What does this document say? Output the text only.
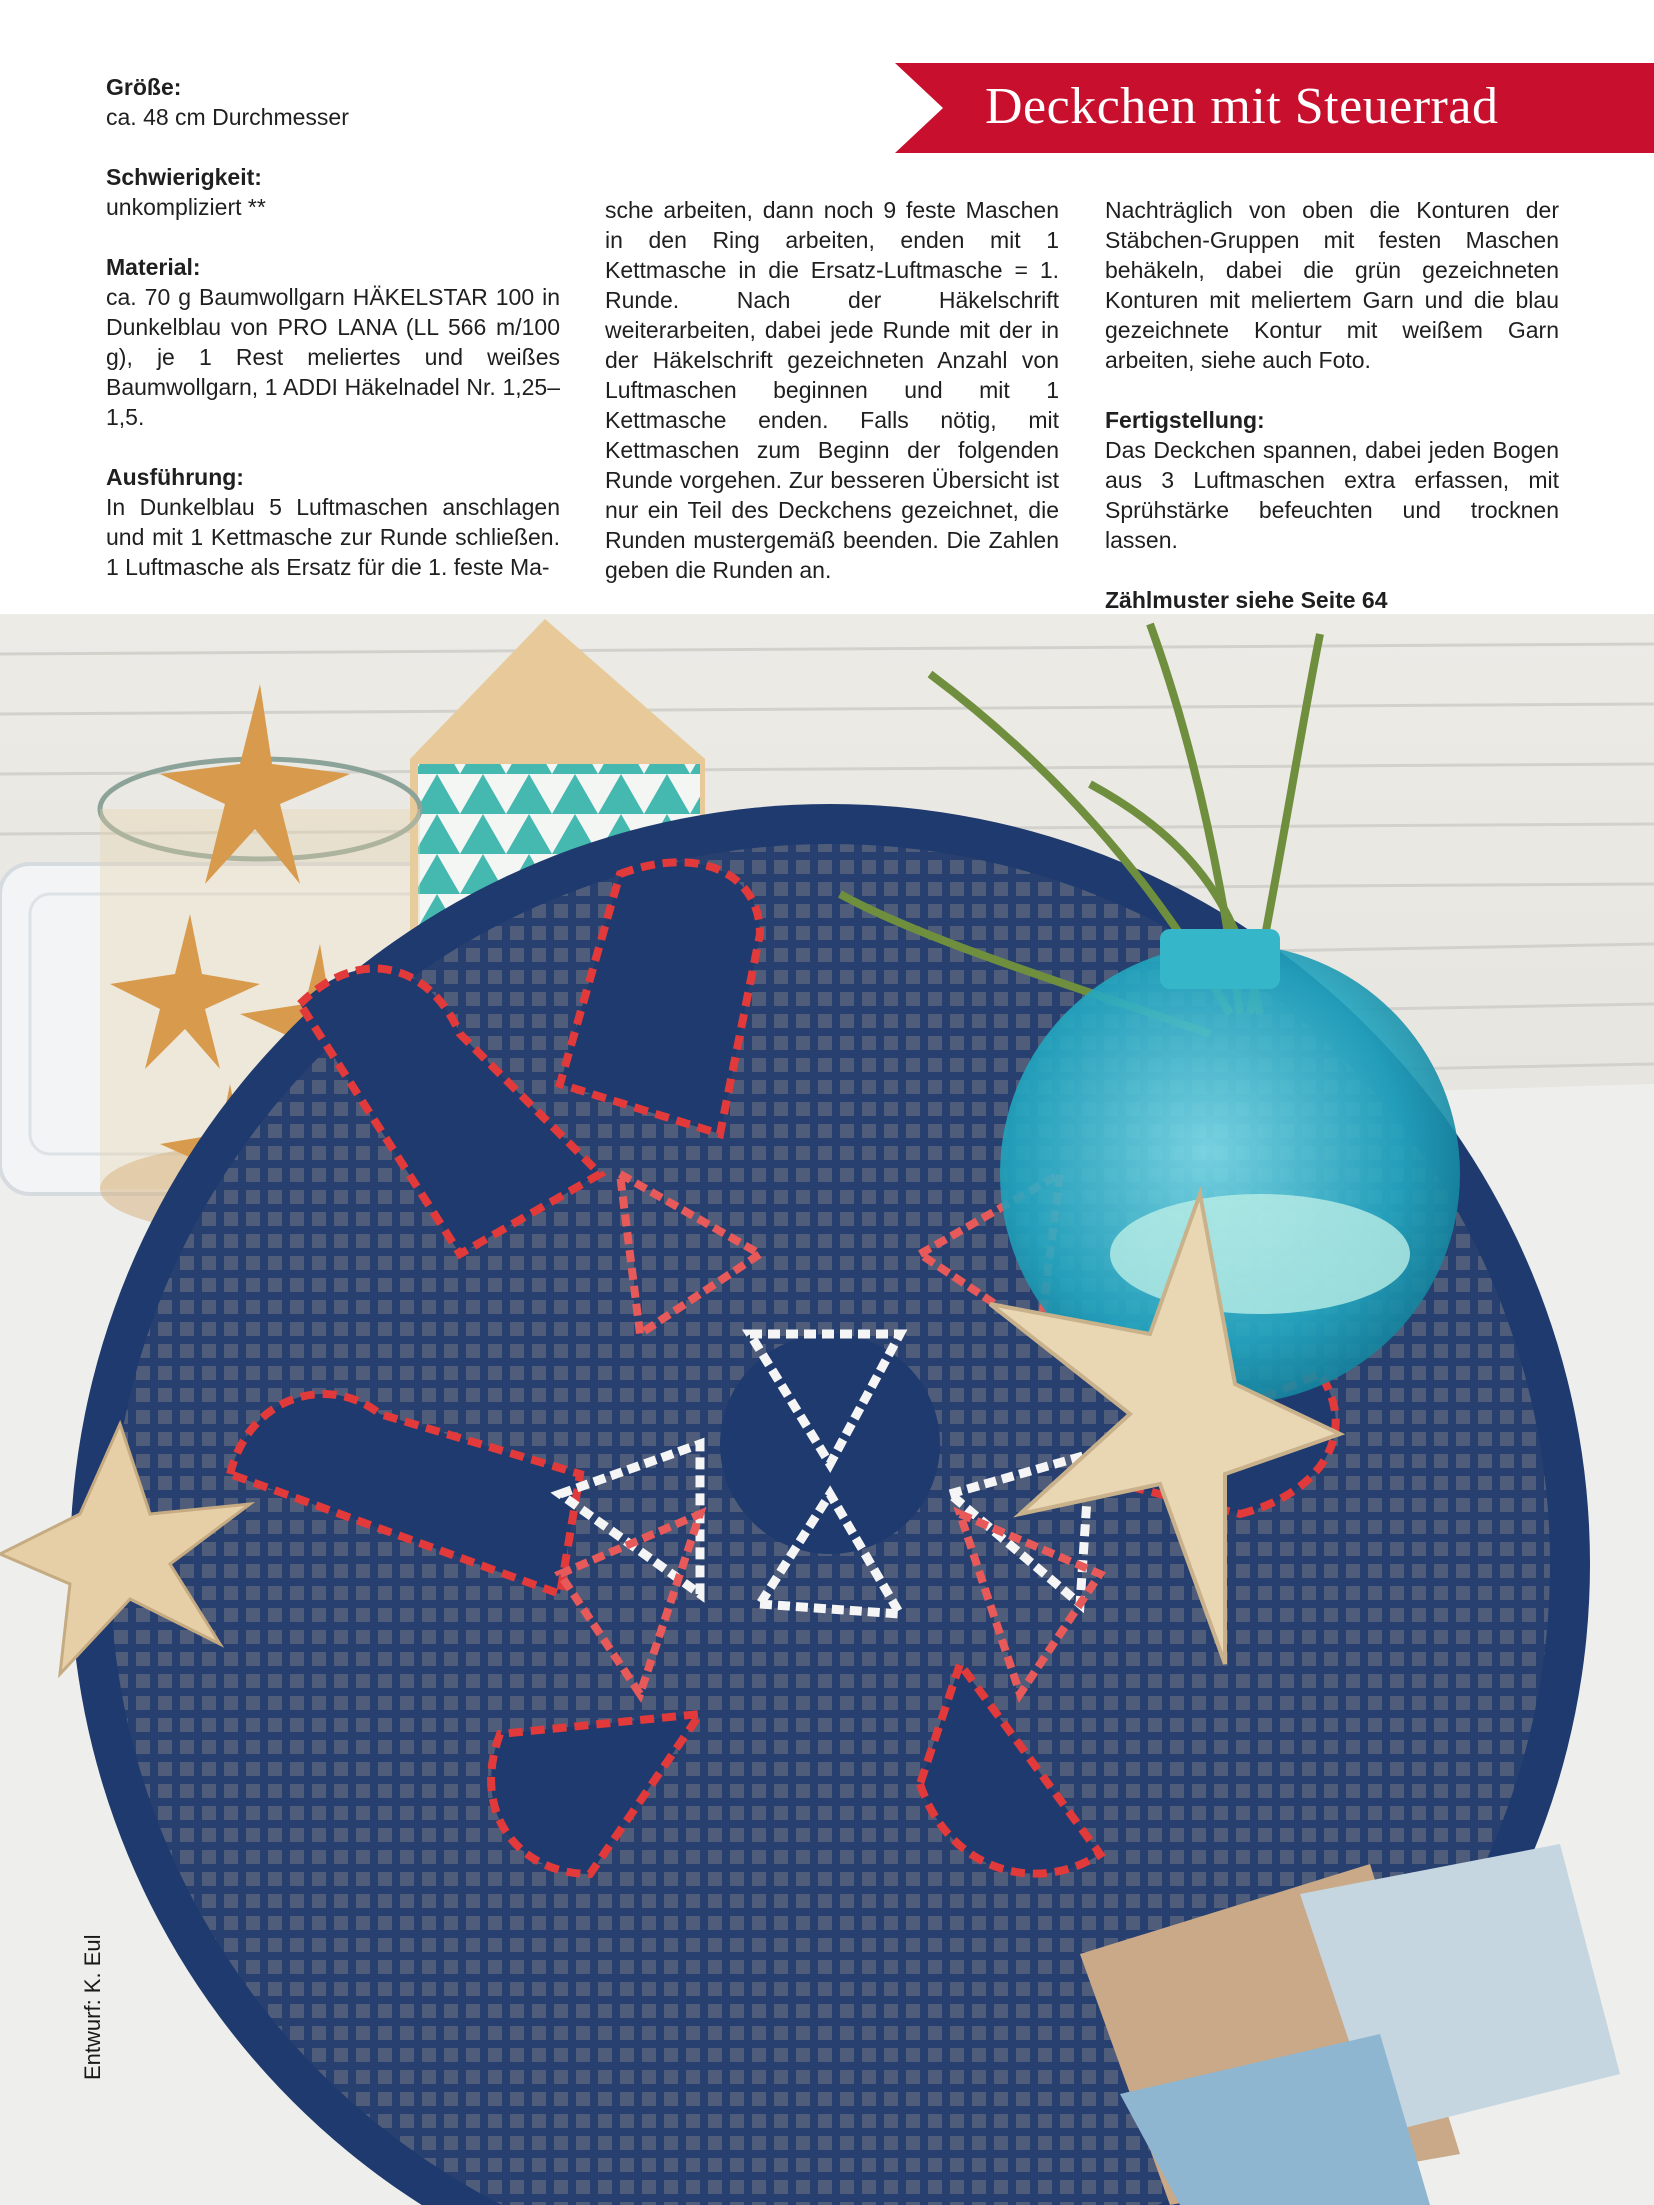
Deckchen mit Steuerrad
Größe:

ca. 48 cm Durchmesser

Schwierigkeit:

unkompliziert **

Material:

ca. 70 g Baumwollgarn HÄKELSTAR 100 in Dunkelblau von PRO LANA (LL 566 m/100 g), je 1 Rest meliertes und weißes Baumwollgarn, 1 ADDI Häkelnadel Nr. 1,25–1,5.

Ausführung:

In Dunkelblau 5 Luftmaschen anschlagen und mit 1 Kettmasche zur Runde schließen. 1 Luftmasche als Ersatz für die 1. feste Ma-

sche arbeiten, dann noch 9 feste Maschen in den Ring arbeiten, enden mit 1 Kettmasche in die Ersatz-Luftmasche = 1. Runde. Nach der Häkelschrift weiterarbeiten, dabei jede Runde mit der in der Häkelschrift gezeichneten Anzahl von Luftmaschen beginnen und mit 1 Kettmasche enden. Falls nötig, mit Kettmaschen zum Beginn der folgenden Runde vorgehen. Zur besseren Übersicht ist nur ein Teil des Deckchens gezeichnet, die Runden mustergemäß beenden. Die Zahlen geben die Runden an.

Nachträglich von oben die Konturen der Stäbchen-Gruppen mit festen Maschen behäkeln, dabei die grün gezeichneten Konturen mit meliertem Garn und die blau gezeichnete Kontur mit weißem Garn arbeiten, siehe auch Foto.

Fertigstellung:

Das Deckchen spannen, dabei jeden Bogen aus 3 Luftmaschen extra erfassen, mit Sprühstärke befeuchten und trocknen lassen.

Zählmuster siehe Seite 64

Entwurf: K. Eul
